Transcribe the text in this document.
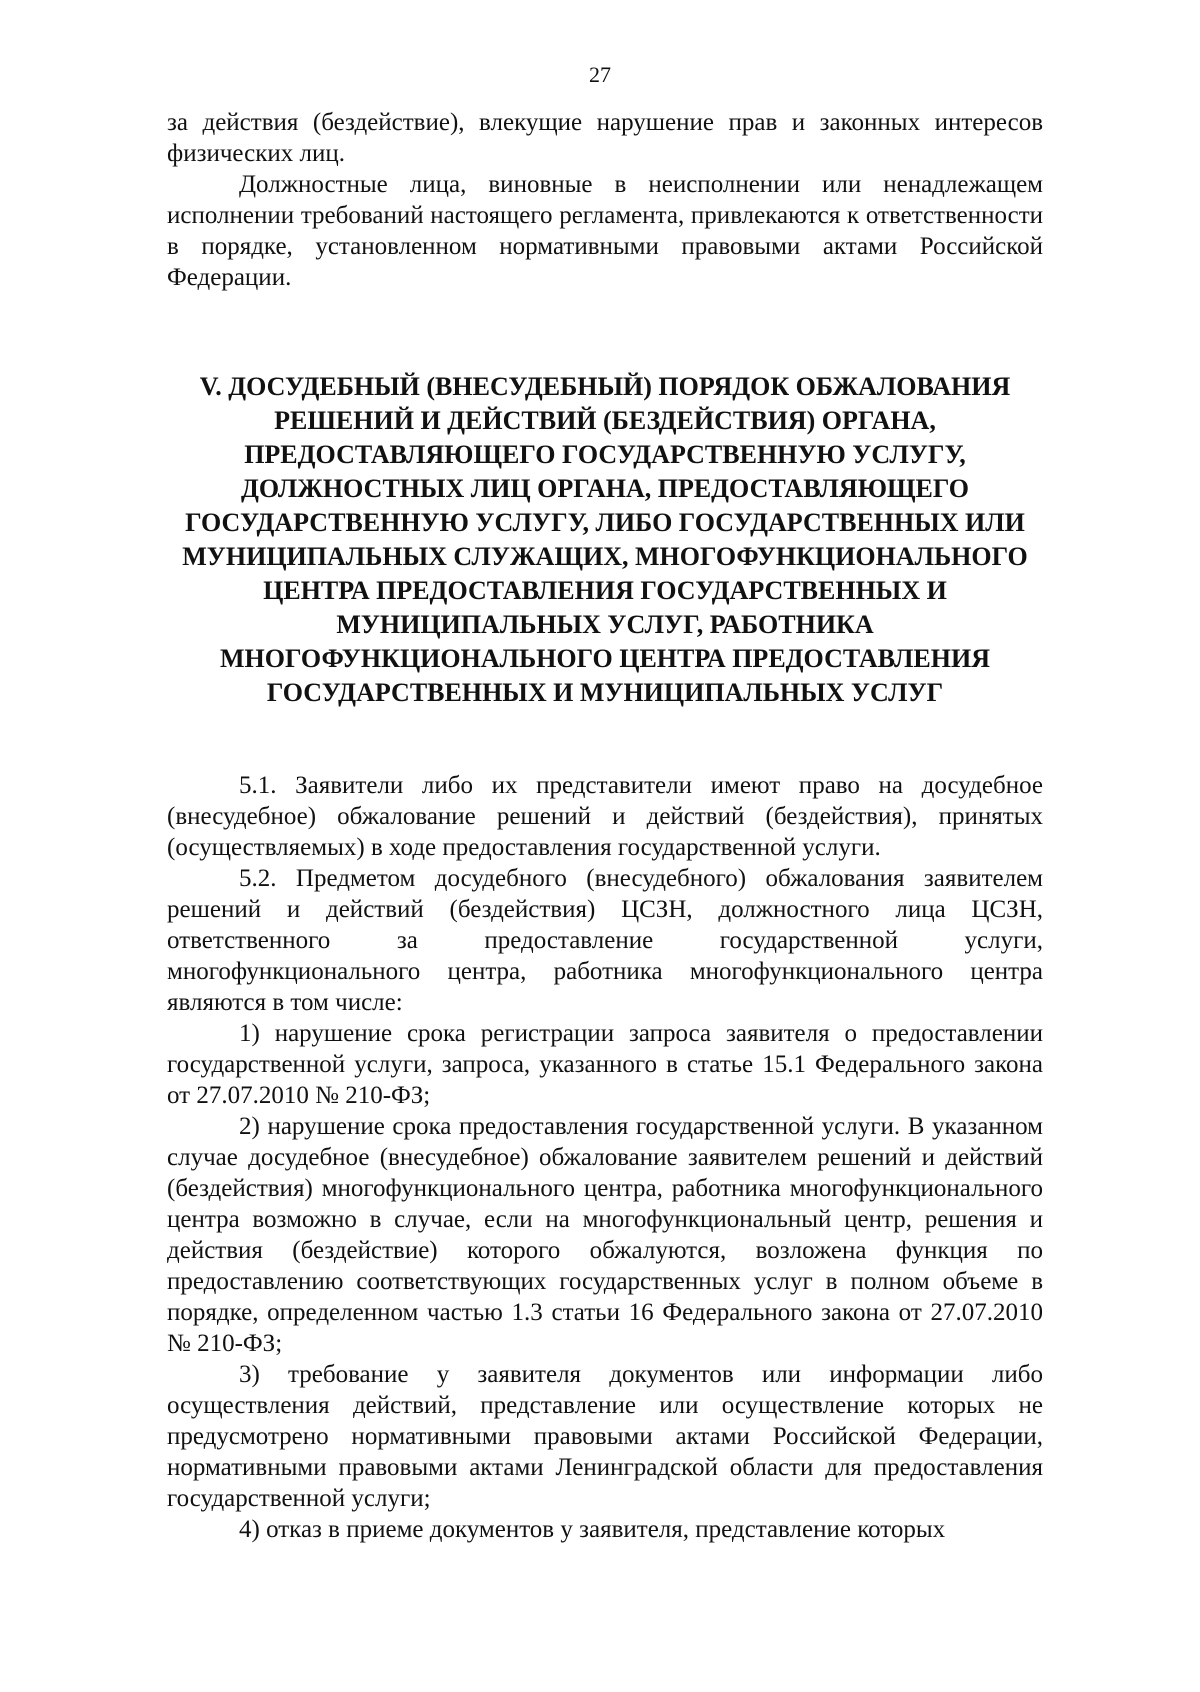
27

за действия (бездействие), влекущие нарушение прав и законных интересов физических лиц.

Должностные лица, виновные в неисполнении или ненадлежащем исполнении требований настоящего регламента, привлекаются к ответственности в порядке, установленном нормативными правовыми актами Российской Федерации.

V. ДОСУДЕБНЫЙ (ВНЕСУДЕБНЫЙ) ПОРЯДОК ОБЖАЛОВАНИЯ
РЕШЕНИЙ И ДЕЙСТВИЙ (БЕЗДЕЙСТВИЯ) ОРГАНА,
ПРЕДОСТАВЛЯЮЩЕГО ГОСУДАРСТВЕННУЮ УСЛУГУ,
ДОЛЖНОСТНЫХ ЛИЦ ОРГАНА, ПРЕДОСТАВЛЯЮЩЕГО
ГОСУДАРСТВЕННУЮ УСЛУГУ, ЛИБО ГОСУДАРСТВЕННЫХ ИЛИ
МУНИЦИПАЛЬНЫХ СЛУЖАЩИХ, МНОГОФУНКЦИОНАЛЬНОГО
ЦЕНТРА ПРЕДОСТАВЛЕНИЯ ГОСУДАРСТВЕННЫХ И
МУНИЦИПАЛЬНЫХ УСЛУГ, РАБОТНИКА
МНОГОФУНКЦИОНАЛЬНОГО ЦЕНТРА ПРЕДОСТАВЛЕНИЯ
ГОСУДАРСТВЕННЫХ И МУНИЦИПАЛЬНЫХ УСЛУГ

5.1. Заявители либо их представители имеют право на досудебное (внесудебное) обжалование решений и действий (бездействия), принятых (осуществляемых) в ходе предоставления государственной услуги.

5.2. Предметом досудебного (внесудебного) обжалования заявителем решений и действий (бездействия) ЦСЗН, должностного лица ЦСЗН, ответственного за предоставление государственной услуги, многофункционального центра, работника многофункционального центра являются в том числе:

1) нарушение срока регистрации запроса заявителя о предоставлении государственной услуги, запроса, указанного в статье 15.1 Федерального закона от 27.07.2010 № 210-ФЗ;

2) нарушение срока предоставления государственной услуги. В указанном случае досудебное (внесудебное) обжалование заявителем решений и действий (бездействия) многофункционального центра, работника многофункционального центра возможно в случае, если на многофункциональный центр, решения и действия (бездействие) которого обжалуются, возложена функция по предоставлению соответствующих государственных услуг в полном объеме в порядке, определенном частью 1.3 статьи 16 Федерального закона от 27.07.2010 № 210-ФЗ;

3) требование у заявителя документов или информации либо осуществления действий, представление или осуществление которых не предусмотрено нормативными правовыми актами Российской Федерации, нормативными правовыми актами Ленинградской области для предоставления государственной услуги;

4) отказ в приеме документов у заявителя, представление которых
